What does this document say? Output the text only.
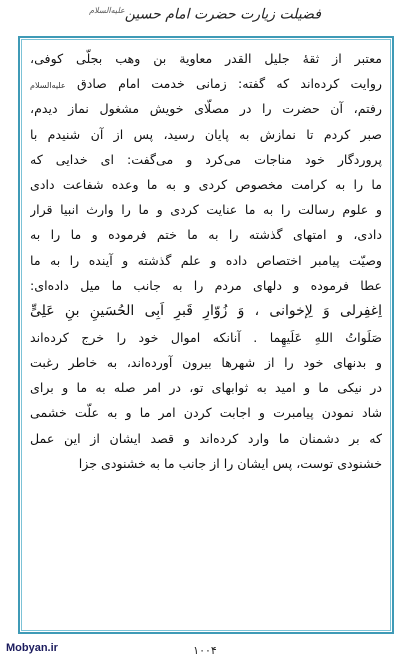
فضیلت زیارت حضرت امام حسینعليه‌السلام
معتبر از ثقهٔ جلیل القدر معاویة بن وهب بجلّی کوفی،
روایت کرده‌اند که گفته: زمانی خدمت امام صادق عليه‌السلام
رفتم، آن حضرت را در مصلّای خویش مشغول نماز دیدم،
صبر کردم تا نمازش به پایان رسید، پس از آن شنیدم با
پروردگار خود مناجات می‌کرد و می‌گفت: ای خدایی که
ما را به کرامت مخصوص کردی و به ما وعده شفاعت دادی
و علوم رسالت را به ما عنایت کردی و ما را وارث انبیا قرار
دادی، و امتهای گذشته را به ما ختم فرموده و ما را به
وصیّت پیامبر اختصاص داده و علم گذشته و آینده را به ما
عطا فرموده و دلهای مردم را به جانب ما میل داده‌ای:
اِغفِرلی وَ لِإخوانی ، وَ زُوّارِ قَبرِ اَبِی الحُسَینِ بنِ عَلِیٍّ
صَلَواتُ اللهِ عَلَیهِما . آنانکه اموال خود را خرج کرده‌اند
و بدنهای خود را از شهرها بیرون آورده‌اند، به خاطر رغبت
در نیکی ما و امید به ثوابهای تو، در امر صله به ما و برای
شاد نمودن پیامبرت و اجابت کردن امر ما و به علّت خشمی
که بر دشمنان ما وارد کرده‌اند و قصد ایشان از این عمل
خشنودی توست، پس ایشان را از جانب ما به خشنودی جزا
۱۰۰۴
Mobyan.ir
